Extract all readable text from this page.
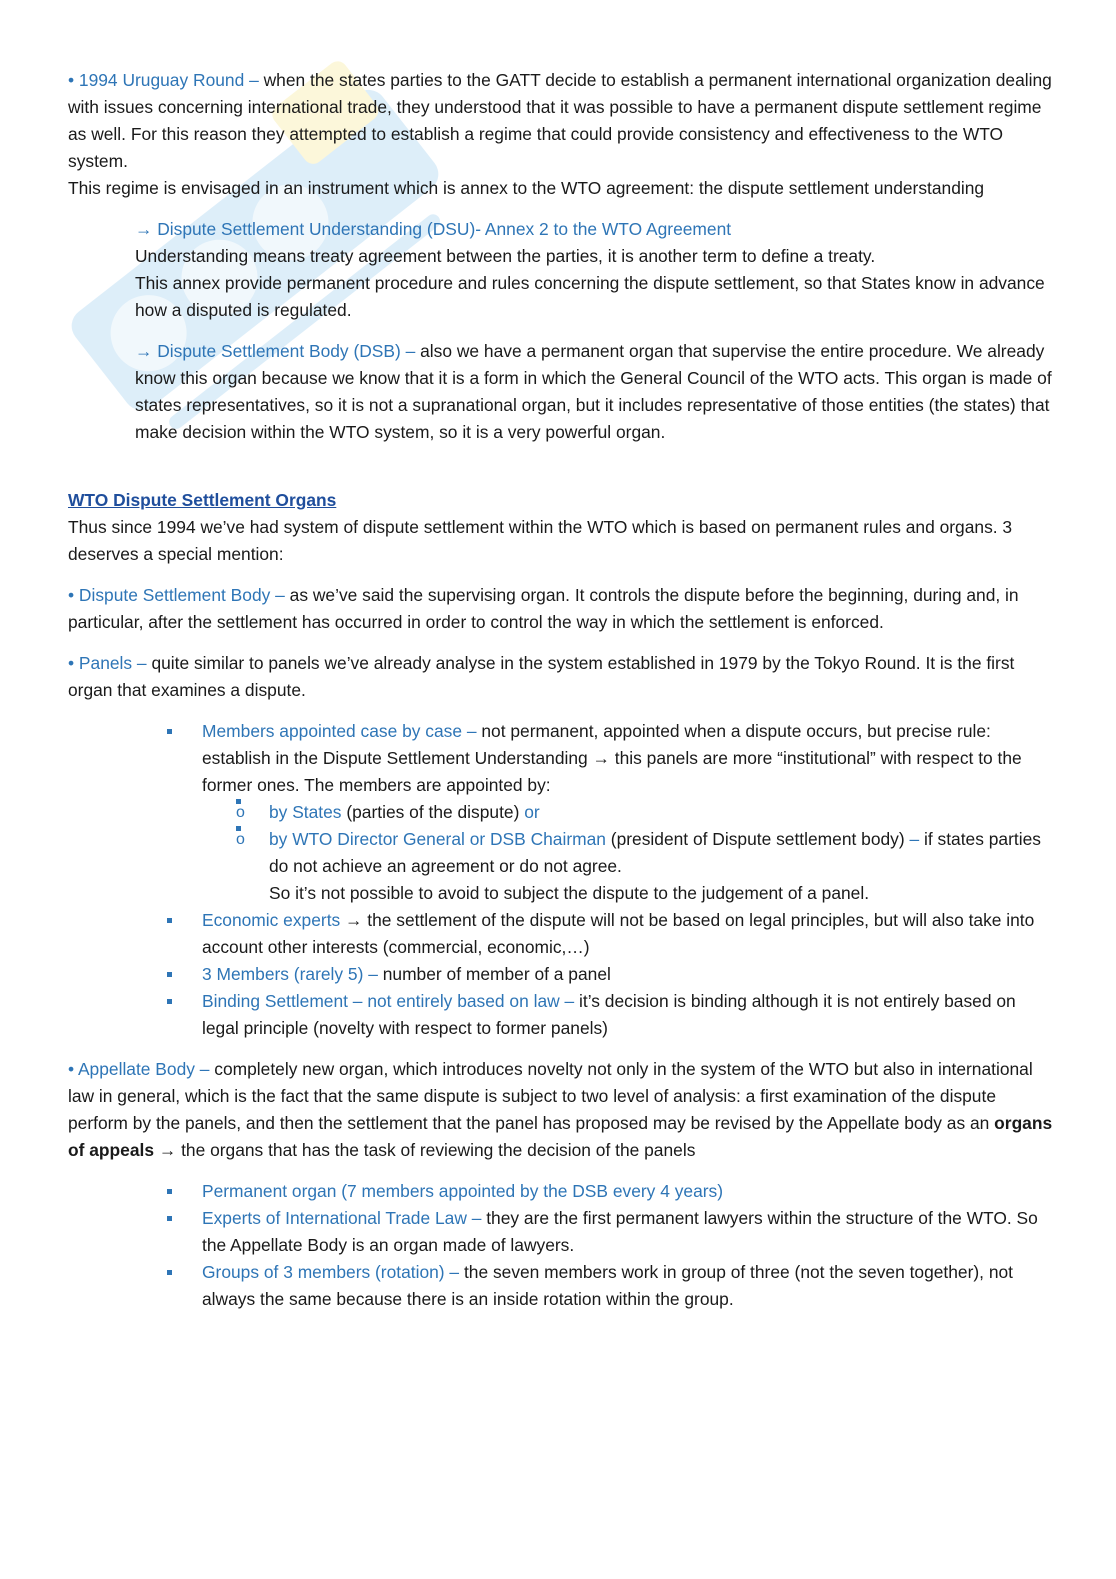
• 1994 Uruguay Round – when the states parties to the GATT decide to establish a permanent international organization dealing with issues concerning international trade, they understood that it was possible to have a permanent dispute settlement regime as well. For this reason they attempted to establish a regime that could provide consistency and effectiveness to the WTO system.

This regime is envisaged in an instrument which is annex to the WTO agreement: the dispute settlement understanding

→ Dispute Settlement Understanding (DSU)- Annex 2 to the WTO Agreement

Understanding means treaty agreement between the parties, it is another term to define a treaty.

This annex provide permanent procedure and rules concerning the dispute settlement, so that States know in advance how a disputed is regulated.

→ Dispute Settlement Body (DSB) – also we have a permanent organ that supervise the entire procedure. We already know this organ because we know that it is a form in which the General Council of the WTO acts. This organ is made of states representatives, so it is not a supranational organ, but it includes representative of those entities (the states) that make decision within the WTO system, so it is a very powerful organ.

WTO Dispute Settlement Organs

Thus since 1994 we’ve had system of dispute settlement within the WTO which is based on permanent rules and organs. 3 deserves a special mention:

• Dispute Settlement Body – as we’ve said the supervising organ. It controls the dispute before the beginning, during and, in particular, after the settlement has occurred in order to control the way in which the settlement is enforced.

• Panels – quite similar to panels we’ve already analyse in the system established in 1979 by the Tokyo Round. It is the first organ that examines a dispute.

Members appointed case by case – not permanent, appointed when a dispute occurs, but precise rule: establish in the Dispute Settlement Understanding → this panels are more “institutional” with respect to the former ones. The members are appointed by:
o by States (parties of the dispute) or
o by WTO Director General or DSB Chairman (president of Dispute settlement body) – if states parties do not achieve an agreement or do not agree.

So it’s not possible to avoid to subject the dispute to the judgement of a panel.

Economic experts → the settlement of the dispute will not be based on legal principles, but will also take into account other interests (commercial, economic,…)
3 Members (rarely 5) – number of member of a panel
Binding Settlement – not entirely based on law – it’s decision is binding although it is not entirely based on legal principle (novelty with respect to former panels)

• Appellate Body – completely new organ, which introduces novelty not only in the system of the WTO but also in international law in general, which is the fact that the same dispute is subject to two level of analysis: a first examination of the dispute perform by the panels, and then the settlement that the panel has proposed may be revised by the Appellate body as an organs of appeals → the organs that has the task of reviewing the decision of the panels

Permanent organ (7 members appointed by the DSB every 4 years)
Experts of International Trade Law – they are the first permanent lawyers within the structure of the WTO. So the Appellate Body is an organ made of lawyers.
Groups of 3 members (rotation) – the seven members work in group of three (not the seven together), not always the same because there is an inside rotation within the group.
